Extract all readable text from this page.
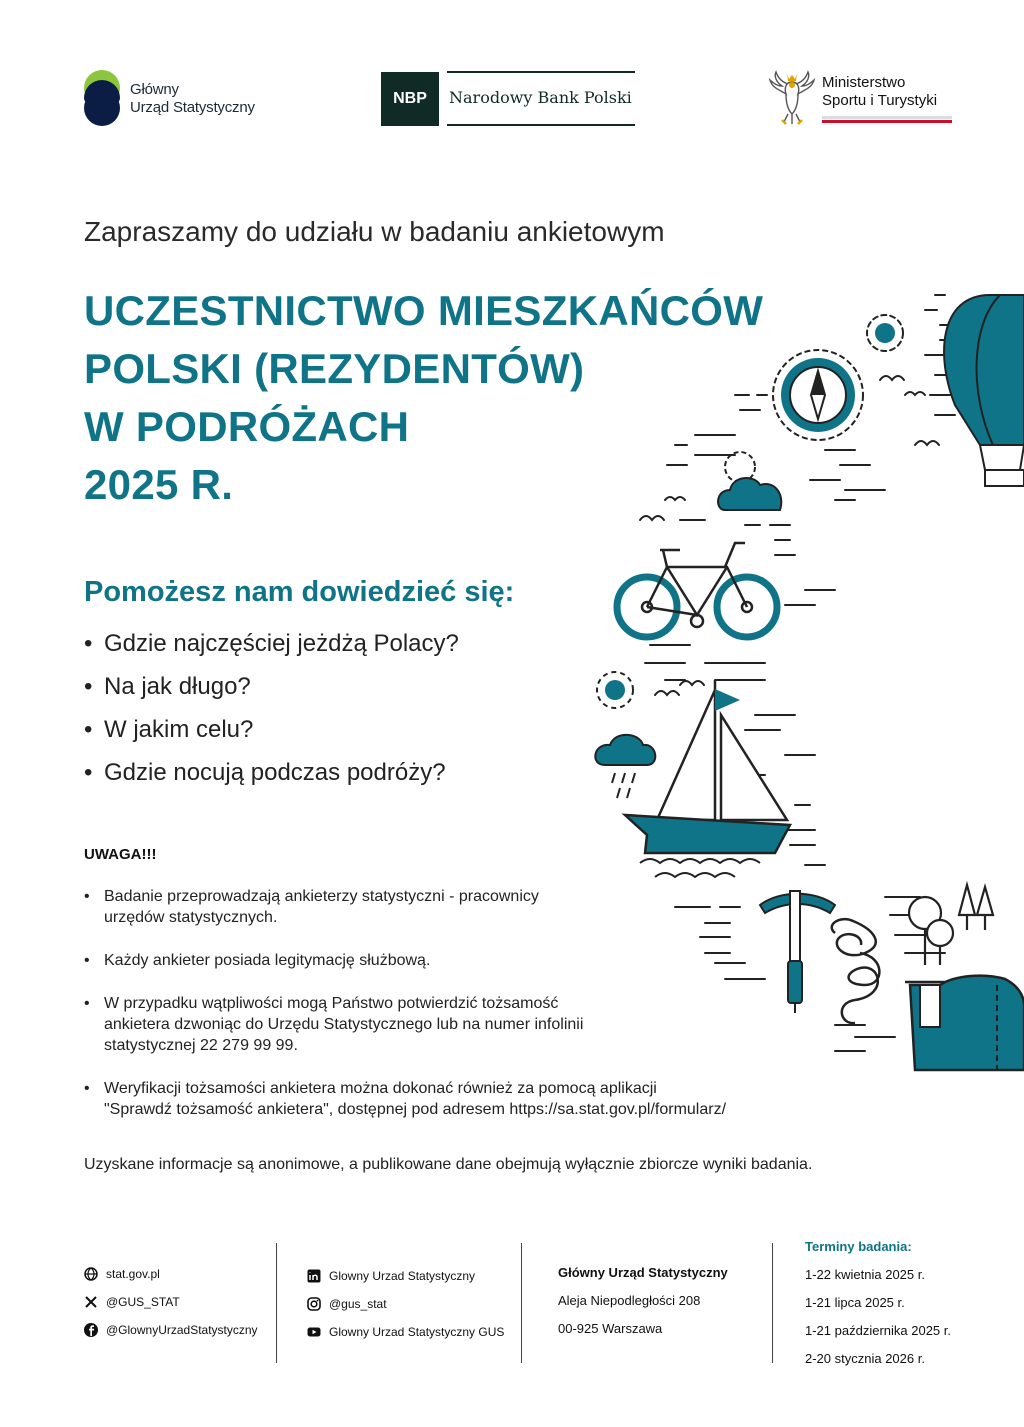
Główny
Urząd Statystyczny
NBP	Narodowy Bank Polski
Ministerstwo
Sportu i Turystyki
Zapraszamy do udziału w badaniu ankietowym
UCZESTNICTWO MIESZKAŃCÓW
POLSKI (REZYDENTÓW)
W PODRÓŻACH
2025 R.
Pomożesz nam dowiedzieć się:
• Gdzie najczęściej jeżdżą Polacy?
• Na jak długo?
• W jakim celu?
• Gdzie nocują podczas podróży?
UWAGA!!!
• Badanie przeprowadzają ankieterzy statystyczni - pracownicy
urzędów statystycznych.
• Każdy ankieter posiada legitymację służbową.
• W przypadku wątpliwości mogą Państwo potwierdzić tożsamość
ankietera dzwoniąc do Urzędu Statystycznego lub na numer infolinii
statystycznej 22 279 99 99.
• Weryfikacji tożsamości ankietera można dokonać również za pomocą aplikacji
"Sprawdź tożsamość ankietera", dostępnej pod adresem https://sa.stat.gov.pl/formularz/
Uzyskane informacje są anonimowe, a publikowane dane obejmują wyłącznie zbiorcze wyniki badania.
stat.gov.pl
@GUS_STAT
@GlownyUrzadStatystyczny
Glowny Urzad Statystyczny
@gus_stat
Glowny Urzad Statystyczny GUS
Główny Urząd Statystyczny
Aleja Niepodległości 208
00-925 Warszawa
Terminy badania:
1-22 kwietnia 2025 r.
1-21 lipca 2025 r.
1-21 października 2025 r.
2-20 stycznia 2026 r.
